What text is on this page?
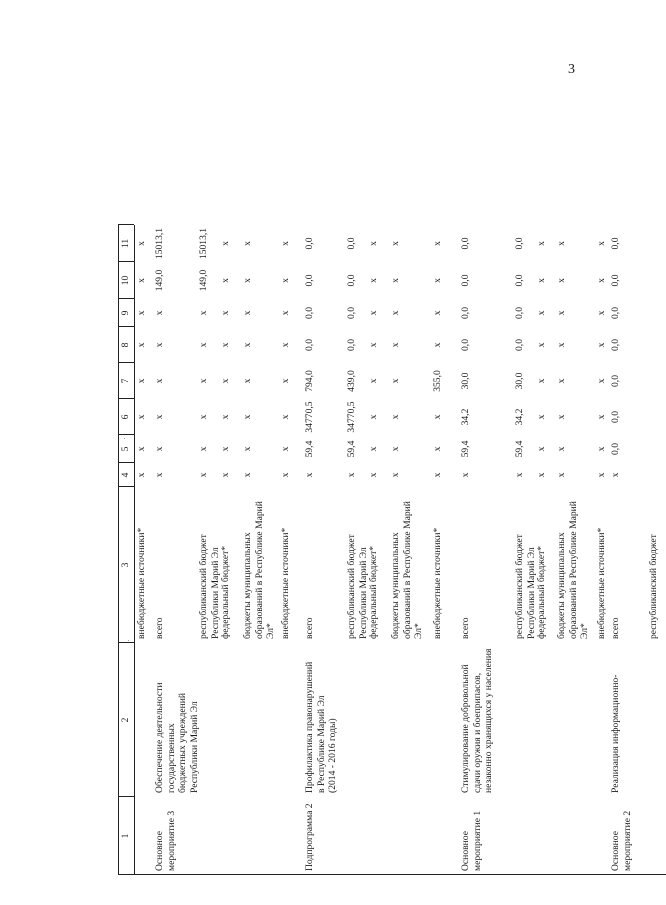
3
1
2
3
4
5
6
7
8
9
10
11
внебюджетные источники*
x
x
x
x
x
x
x
x
Основное
мероприятие 3
Обеспечение деятельности государственных
бюджетных учреждений
Республики Марий Эл
всего
x
x
x
x
x
x
149,0
15013,1
республиканский бюджет Республики Марий Эл
x
x
x
x
x
x
149,0
15013,1
федеральный бюджет*
x
x
x
x
x
x
x
x
бюджеты муниципальных образований в Республике Марий Эл*
x
x
x
x
x
x
x
x
внебюджетные источники*
x
x
x
x
x
x
x
x
Подпрограмма 2
Профилактика правонарушений
в Республике Марий Эл
(2014 - 2016 годы)
всего
x
59,4
34770,5
794,0
0,0
0,0
0,0
0,0
республиканский бюджет Республики Марий Эл
x
59,4
34770,5
439,0
0,0
0,0
0,0
0,0
федеральный бюджет*
x
x
x
x
x
x
x
x
бюджеты муниципальных образований в Республике Марий Эл*
x
x
x
x
x
x
x
x
внебюджетные источники*
x
x
x
355,0
x
x
x
x
Основное
мероприятие 1
Стимулирование добровольной сдачи оружия и боеприпасов, незаконно хранящихся у населения
всего
x
59,4
34,2
30,0
0,0
0,0
0,0
0,0
республиканский бюджет Республики Марий Эл
x
59,4
34,2
30,0
0,0
0,0
0,0
0,0
федеральный бюджет*
x
x
x
x
x
x
x
x
бюджеты муниципальных образований в Республике Марий Эл*
x
x
x
x
x
x
x
x
внебюджетные источники*
x
x
x
x
x
x
x
x
Основное
мероприятие 2
Реализация информационно-
всего
x
0,0
0,0
0,0
0,0
0,0
0,0
0,0
республиканский бюджет
